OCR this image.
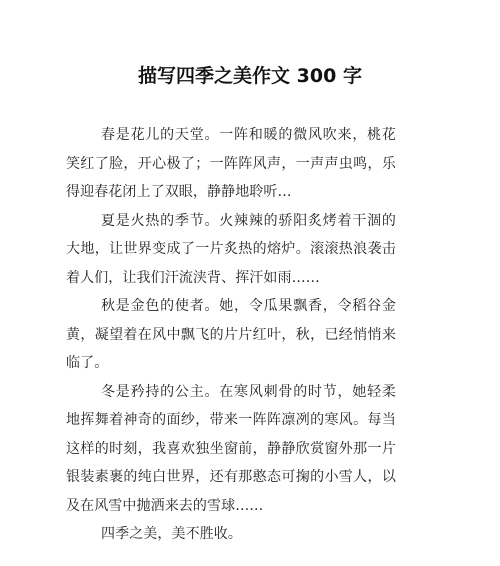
描写四季之美作文 300 字

春是花儿的天堂。一阵和暖的微风吹来，桃花笑红了脸，开心极了；一阵阵风声，一声声虫鸣，乐得迎春花闭上了双眼，静静地聆听…

夏是火热的季节。火辣辣的骄阳炙烤着干涸的大地，让世界变成了一片炙热的熔炉。滚滚热浪袭击着人们，让我们汗流浃背、挥汗如雨……

秋是金色的使者。她，令瓜果飘香，令稻谷金黄，凝望着在风中飘飞的片片红叶，秋，已经悄悄来临了。

冬是矜持的公主。在寒风刺骨的时节，她轻柔地挥舞着神奇的面纱，带来一阵阵凛冽的寒风。每当这样的时刻，我喜欢独坐窗前，静静欣赏窗外那一片银装素裹的纯白世界，还有那憨态可掬的小雪人，以及在风雪中抛洒来去的雪球……

四季之美，美不胜收。
